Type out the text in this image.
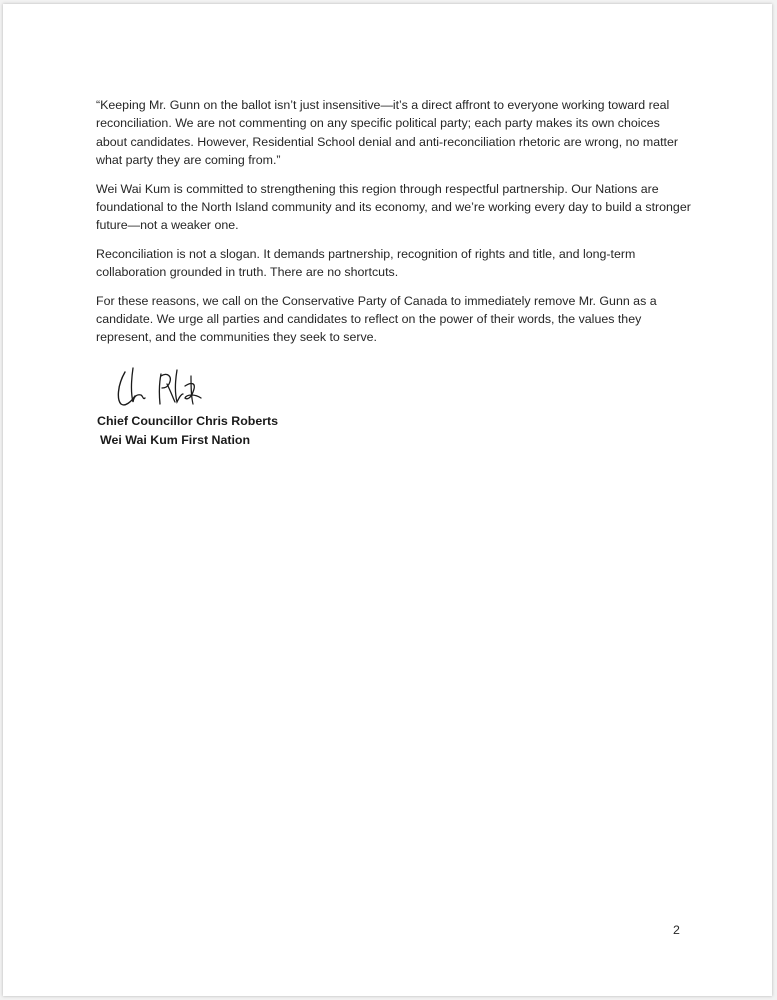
“Keeping Mr. Gunn on the ballot isn’t just insensitive—it’s a direct affront to everyone working toward real reconciliation. We are not commenting on any specific political party; each party makes its own choices about candidates. However, Residential School denial and anti-reconciliation rhetoric are wrong, no matter what party they are coming from.”

Wei Wai Kum is committed to strengthening this region through respectful partnership. Our Nations are foundational to the North Island community and its economy, and we’re working every day to build a stronger future—not a weaker one.

Reconciliation is not a slogan. It demands partnership, recognition of rights and title, and long-term collaboration grounded in truth. There are no shortcuts.

For these reasons, we call on the Conservative Party of Canada to immediately remove Mr. Gunn as a candidate. We urge all parties and candidates to reflect on the power of their words, the values they represent, and the communities they seek to serve.

Chief Councillor Chris Roberts
Wei Wai Kum First Nation
2
